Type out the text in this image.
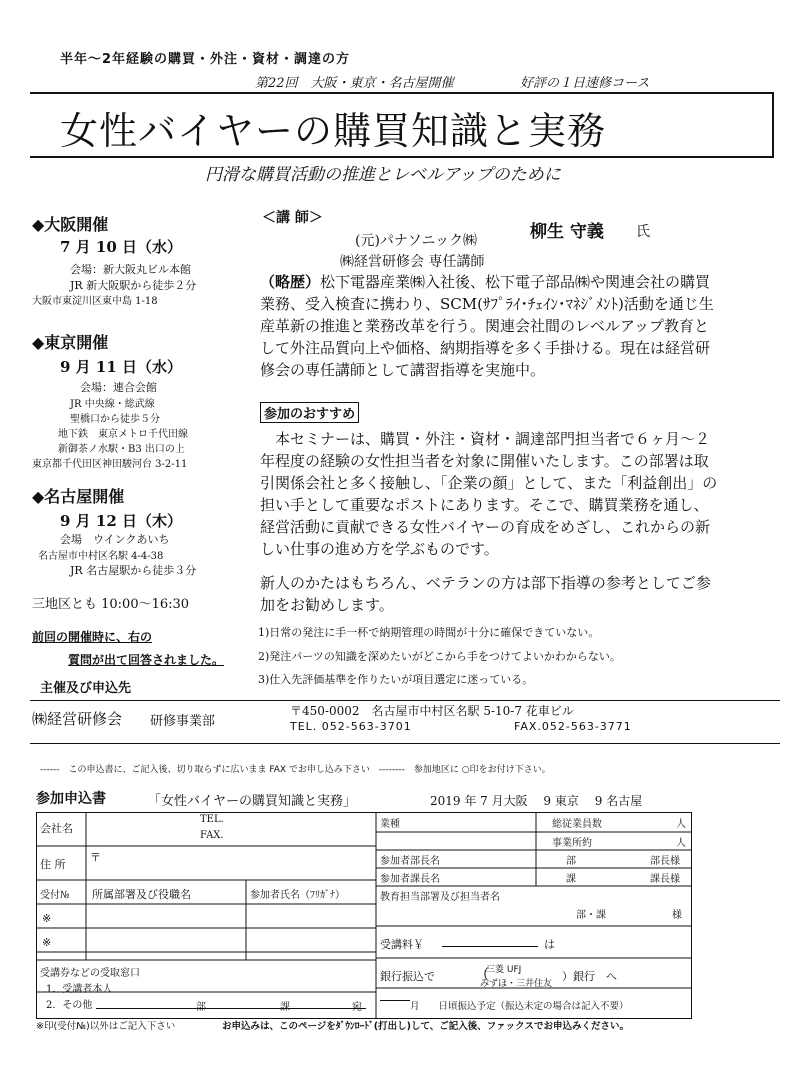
半年～2年経験の購買・外注・資材・調達の方
第22回　大阪・東京・名古屋開催	好評の１日速修コース
女性バイヤーの購買知識と実務
円滑な購買活動の推進とレベルアップのために
◆大阪開催
7 月 10 日（水）
会場：新大阪丸ビル本館
JR 新大阪駅から徒歩２分
大阪市東淀川区東中島 1-18
◆東京開催
9 月 11 日（水）
会場：連合会館
JR 中央線・総武線
聖橋口から徒歩５分
地下鉄　東京メトロ千代田線
新御茶ノ水駅・B3 出口の上
東京都千代田区神田駿河台 3-2-11
◆名古屋開催
9 月 12 日（木）
会場　ウインクあいち
名古屋市中村区名駅 4-4-38
JR 名古屋駅から徒歩３分
三地区とも 10:00～16:30
前回の開催時に、右の
質問が出て回答されました。
主催及び申込先
＜講 師＞
(元)パナソニック㈱
㈱経営研修会 専任講師
柳生 守義 氏
（略歴）松下電器産業㈱入社後、松下電子部品㈱や関連会社の購買業務、受入検査に携わり、SCM(ｻﾌﾟﾗｲ･ﾁｪｲﾝ･ﾏﾈｼﾞﾒﾝﾄ)活動を通じ生産革新の推進と業務改革を行う。関連会社間のレベルアップ教育として外注品質向上や価格、納期指導を多く手掛ける。現在は経営研修会の専任講師として講習指導を実施中。
参加のおすすめ
本セミナーは、購買・外注・資材・調達部門担当者で６ヶ月～２年程度の経験の女性担当者を対象に開催いたします。この部署は取引関係会社と多く接触し、「企業の顔」として、また「利益創出」の担い手として重要なポストにあります。そこで、購買業務を通し、経営活動に貢献できる女性バイヤーの育成をめざし、これからの新しい仕事の進め方を学ぶものです。
新人のかたはもちろん、ベテランの方は部下指導の参考としてご参加をお勧めします。
1)日常の発注に手一杯で納期管理の時間が十分に確保できていない。
2)発注パーツの知識を深めたいがどこから手をつけてよいかわからない。
3)仕入先評価基準を作りたいが項目選定に迷っている。
㈱経営研修会 研修事業部
〒450-0002　名古屋市中村区名駅 5-10-7 花車ビル
TEL. 052-563-3701	FAX.052-563-3771
------　この申込書に、ご記入後、切り取らずに広いまま FAX でお申し込み下さい　--------　参加地区に ○印をお付け下さい。
参加申込書	「女性バイヤーの購買知識と実務」	2019 年 7 月大阪　 9 東京　 9 名古屋
会社名
TEL.
FAX.
住 所
〒
受付№ 所属部署及び役職名	参加者氏名（ﾌﾘｶﾞﾅ）
※
※
受講券などの受取窓口
1．受講者本人
2．その他	部	課	宛
業種	総従業員数	人
事業所約	人
参加者部長名	部	部長様
参加者課長名	課	課長様
教育担当部署及び担当者名
部・課	様
受講料￥	は
銀行振込で （
三菱 UFJ
みずほ・三井住友
）銀行　へ
月　　日頃振込予定（振込未定の場合は記入不要）
※印(受付№)以外はご記入下さい	お申込みは、このページをﾀﾞｳﾝﾛｰﾄﾞ(打出し)して、ご記入後、ファックスでお申込みください。
